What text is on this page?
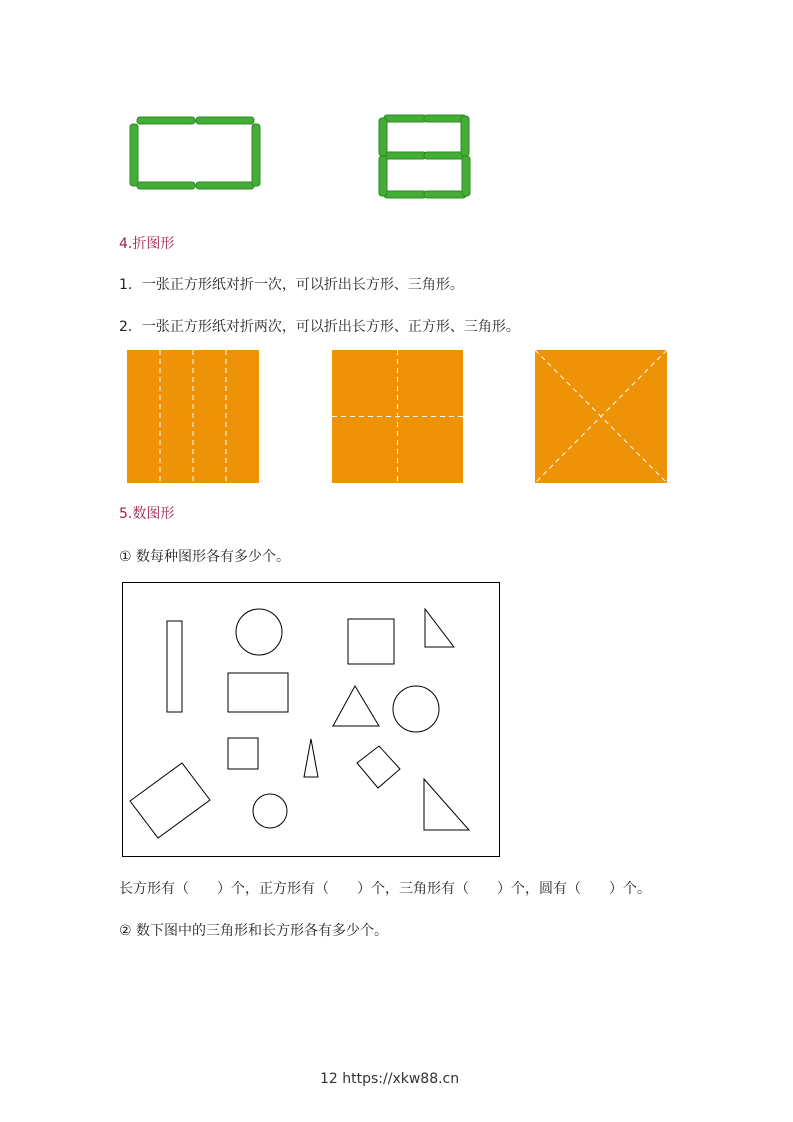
4.折图形
1．一张正方形纸对折一次，可以折出长方形、三角形。
2．一张正方形纸对折两次，可以折出长方形、正方形、三角形。
5.数图形
① 数每种图形各有多少个。
长方形有（　　）个，正方形有（　　）个，三角形有（　　）个，圆有（　　）个。
② 数下图中的三角形和长方形各有多少个。
12 https://xkw88.cn
